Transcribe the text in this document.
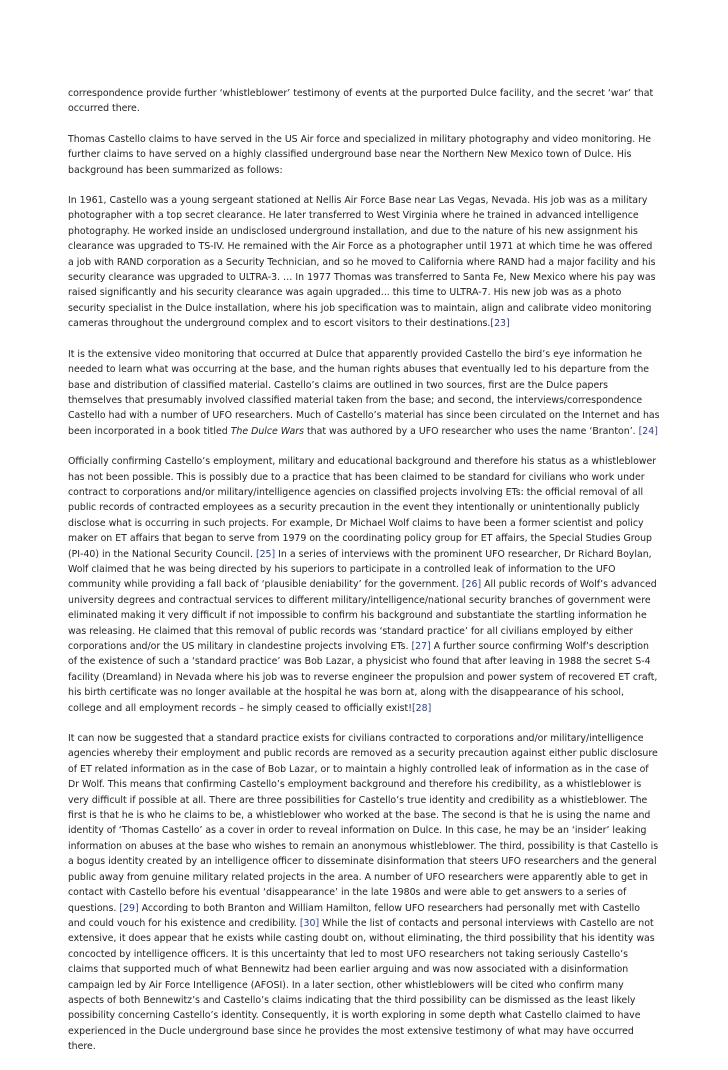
correspondence provide further ‘whistleblower’ testimony of events at the purported Dulce facility, and the secret ‘war’ that occurred there.

Thomas Castello claims to have served in the US Air force and specialized in military photography and video monitoring. He further claims to have served on a highly classified underground base near the Northern New Mexico town of Dulce. His background has been summarized as follows:

In 1961, Castello was a young sergeant stationed at Nellis Air Force Base near Las Vegas, Nevada. His job was as a military photographer with a top secret clearance. He later transferred to West Virginia where he trained in advanced intelligence photography. He worked inside an undisclosed underground installation, and due to the nature of his new assignment his clearance was upgraded to TS-IV. He remained with the Air Force as a photographer until 1971 at which time he was offered a job with RAND corporation as a Security Technician, and so he moved to California where RAND had a major facility and his security clearance was upgraded to ULTRA-3. … In 1977 Thomas was transferred to Santa Fe, New Mexico where his pay was raised significantly and his security clearance was again upgraded... this time to ULTRA-7. His new job was as a photo security specialist in the Dulce installation, where his job specification was to maintain, align and calibrate video monitoring cameras throughout the underground complex and to escort visitors to their destinations.[23]

It is the extensive video monitoring that occurred at Dulce that apparently provided Castello the bird’s eye information he needed to learn what was occurring at the base, and the human rights abuses that eventually led to his departure from the base and distribution of classified material. Castello’s claims are outlined in two sources, first are the Dulce papers themselves that presumably involved classified material taken from the base; and second, the interviews/correspondence Castello had with a number of UFO researchers. Much of Castello’s material has since been circulated on the Internet and has been incorporated in a book titled The Dulce Wars that was authored by a UFO researcher who uses the name ‘Branton’. [24]

Officially confirming Castello’s employment, military and educational background and therefore his status as a whistleblower has not been possible. This is possibly due to a practice that has been claimed to be standard for civilians who work under contract to corporations and/or military/intelligence agencies on classified projects involving ETs: the official removal of all public records of contracted employees as a security precaution in the event they intentionally or unintentionally publicly disclose what is occurring in such projects. For example, Dr Michael Wolf claims to have been a former scientist and policy maker on ET affairs that began to serve from 1979 on the coordinating policy group for ET affairs, the Special Studies Group (PI-40) in the National Security Council. [25] In a series of interviews with the prominent UFO researcher, Dr Richard Boylan, Wolf claimed that he was being directed by his superiors to participate in a controlled leak of information to the UFO community while providing a fall back of ‘plausible deniability’ for the government. [26] All public records of Wolf’s advanced university degrees and contractual services to different military/intelligence/national security branches of government were eliminated making it very difficult if not impossible to confirm his background and substantiate the startling information he was releasing. He claimed that this removal of public records was ‘standard practice’ for all civilians employed by either corporations and/or the US military in clandestine projects involving ETs. [27] A further source confirming Wolf’s description of the existence of such a ‘standard practice’ was Bob Lazar, a physicist who found that after leaving in 1988 the secret S-4 facility (Dreamland) in Nevada where his job was to reverse engineer the propulsion and power system of recovered ET craft, his birth certificate was no longer available at the hospital he was born at, along with the disappearance of his school, college and all employment records – he simply ceased to officially exist![28]

It can now be suggested that a standard practice exists for civilians contracted to corporations and/or military/intelligence agencies whereby their employment and public records are removed as a security precaution against either public disclosure of ET related information as in the case of Bob Lazar, or to maintain a highly controlled leak of information as in the case of Dr Wolf. This means that confirming Castello’s employment background and therefore his credibility, as a whistleblower is very difficult if possible at all. There are three possibilities for Castello’s true identity and credibility as a whistleblower. The first is that he is who he claims to be, a whistleblower who worked at the base. The second is that he is using the name and identity of ‘Thomas Castello’ as a cover in order to reveal information on Dulce. In this case, he may be an ‘insider’ leaking information on abuses at the base who wishes to remain an anonymous whistleblower. The third, possibility is that Castello is a bogus identity created by an intelligence officer to disseminate disinformation that steers UFO researchers and the general public away from genuine military related projects in the area. A number of UFO researchers were apparently able to get in contact with Castello before his eventual ‘disappearance’ in the late 1980s and were able to get answers to a series of questions. [29] According to both Branton and William Hamilton, fellow UFO researchers had personally met with Castello and could vouch for his existence and credibility. [30] While the list of contacts and personal interviews with Castello are not extensive, it does appear that he exists while casting doubt on, without eliminating, the third possibility that his identity was concocted by intelligence officers. It is this uncertainty that led to most UFO researchers not taking seriously Castello’s claims that supported much of what Bennewitz had been earlier arguing and was now associated with a disinformation campaign led by Air Force Intelligence (AFOSI). In a later section, other whistleblowers will be cited who confirm many aspects of both Bennewitz’s and Castello’s claims indicating that the third possibility can be dismissed as the least likely possibility concerning Castello’s identity. Consequently, it is worth exploring in some depth what Castello claimed to have experienced in the Ducle underground base since he provides the most extensive testimony of what may have occurred there.
